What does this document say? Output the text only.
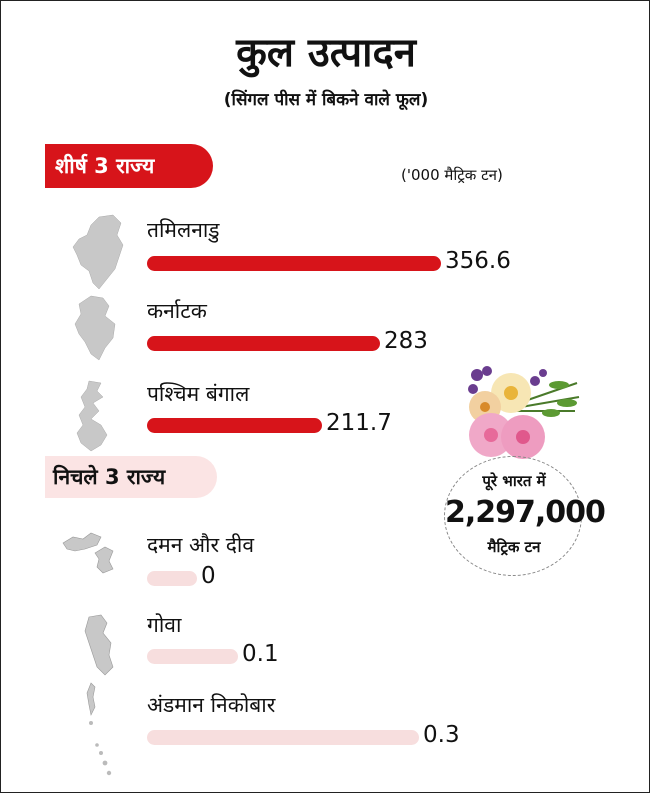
कुल उत्पादन
(सिंगल पीस में बिकने वाले फूल)
शीर्ष 3 राज्य	('000 मैट्रिक टन)
तमिलनाडु
356.6
कर्नाटक
283
पश्चिम बंगाल
211.7
दमन और दीव
0
गोवा
0.1
अंडमान निकोबार
0.3
निचले 3 राज्य	पूरे भारत में
2,297,000
मैट्रिक टन
